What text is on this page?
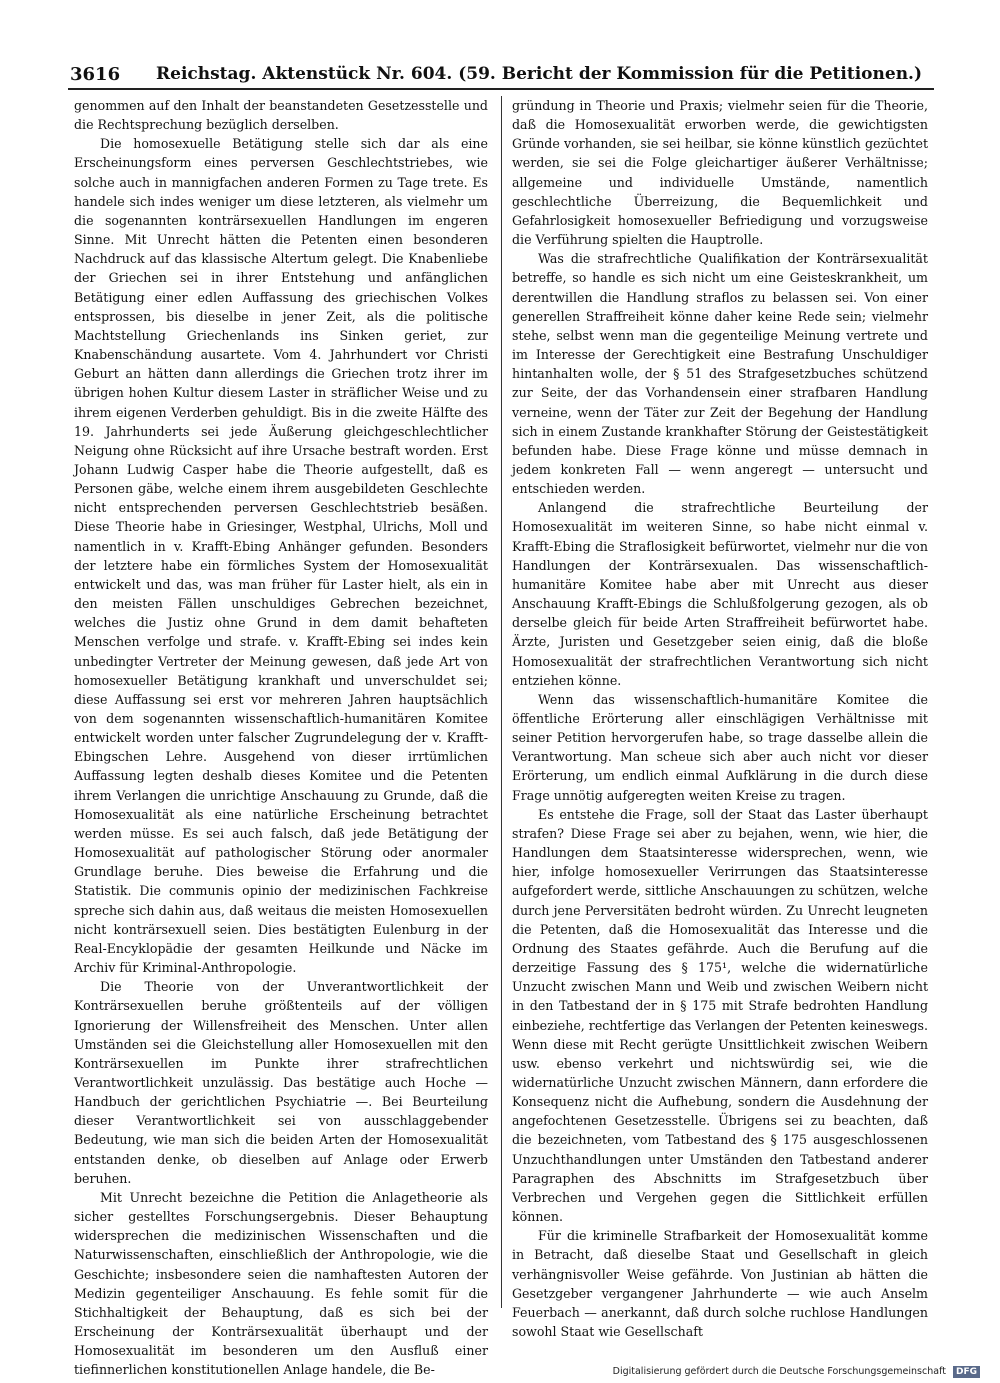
3616 Reichstag. Aktenstück Nr. 604. (59. Bericht der Kommission für die Petitionen.)

genommen auf den Inhalt der beanstandeten Gesetzesstelle und die Rechtsprechung bezüglich derselben.

Die homosexuelle Betätigung stelle sich dar als eine Erscheinungsform eines perversen Geschlechtstriebes, wie solche auch in mannigfachen anderen Formen zu Tage trete. Es handele sich indes weniger um diese letzteren, als vielmehr um die sogenannten konträrsexuellen Handlungen im engeren Sinne. Mit Unrecht hätten die Petenten einen besonderen Nachdruck auf das klassische Altertum gelegt. Die Knabenliebe der Griechen sei in ihrer Entstehung und anfänglichen Betätigung einer edlen Auffassung des griechischen Volkes entsprossen, bis dieselbe in jener Zeit, als die politische Machtstellung Griechenlands ins Sinken geriet, zur Knabenschändung ausartete. Vom 4. Jahrhundert vor Christi Geburt an hätten dann allerdings die Griechen trotz ihrer im übrigen hohen Kultur diesem Laster in sträflicher Weise und zu ihrem eigenen Verderben gehuldigt. Bis in die zweite Hälfte des 19. Jahrhunderts sei jede Äußerung gleichgeschlechtlicher Neigung ohne Rücksicht auf ihre Ursache bestraft worden. Erst Johann Ludwig Casper habe die Theorie aufgestellt, daß es Personen gäbe, welche einem ihrem ausgebildeten Geschlechte nicht entsprechenden perversen Geschlechtstrieb besäßen. Diese Theorie habe in Griesinger, Westphal, Ulrichs, Moll und namentlich in v. Krafft-Ebing Anhänger gefunden. Besonders der letztere habe ein förmliches System der Homosexualität entwickelt und das, was man früher für Laster hielt, als ein in den meisten Fällen unschuldiges Gebrechen bezeichnet, welches die Justiz ohne Grund in dem damit behafteten Menschen verfolge und strafe. v. Krafft-Ebing sei indes kein unbedingter Vertreter der Meinung gewesen, daß jede Art von homosexueller Betätigung krankhaft und unverschuldet sei; diese Auffassung sei erst vor mehreren Jahren hauptsächlich von dem sogenannten wissenschaftlich-humanitären Komitee entwickelt worden unter falscher Zugrundelegung der v. Krafft-Ebingschen Lehre. Ausgehend von dieser irrtümlichen Auffassung legten deshalb dieses Komitee und die Petenten ihrem Verlangen die unrichtige Anschauung zu Grunde, daß die Homosexualität als eine natürliche Erscheinung betrachtet werden müsse. Es sei auch falsch, daß jede Betätigung der Homosexualität auf pathologischer Störung oder anormaler Grundlage beruhe. Dies beweise die Erfahrung und die Statistik. Die communis opinio der medizinischen Fachkreise spreche sich dahin aus, daß weitaus die meisten Homosexuellen nicht konträrsexuell seien. Dies bestätigten Eulenburg in der Real-Encyklopädie der gesamten Heilkunde und Näcke im Archiv für Kriminal-Anthropologie.

Die Theorie von der Unverantwortlichkeit der Konträrsexuellen beruhe größtenteils auf der völligen Ignorierung der Willensfreiheit des Menschen. Unter allen Umständen sei die Gleichstellung aller Homosexuellen mit den Konträrsexuellen im Punkte ihrer strafrechtlichen Verantwortlichkeit unzulässig. Das bestätige auch Hoche — Handbuch der gerichtlichen Psychiatrie —. Bei Beurteilung dieser Verantwortlichkeit sei von ausschlaggebender Bedeutung, wie man sich die beiden Arten der Homosexualität entstanden denke, ob dieselben auf Anlage oder Erwerb beruhen.

Mit Unrecht bezeichne die Petition die Anlagetheorie als sicher gestelltes Forschungsergebnis. Dieser Behauptung widersprechen die medizinischen Wissenschaften und die Naturwissenschaften, einschließlich der Anthropologie, wie die Geschichte; insbesondere seien die namhaftesten Autoren der Medizin gegenteiliger Anschauung. Es fehle somit für die Stichhaltigkeit der Behauptung, daß es sich bei der Erscheinung der Konträrsexualität überhaupt und der Homosexualität im besonderen um den Ausfluß einer tiefinnerlichen konstitutionellen Anlage handele, die Be-

gründung in Theorie und Praxis; vielmehr seien für die Theorie, daß die Homosexualität erworben werde, die gewichtigsten Gründe vorhanden, sie sei heilbar, sie könne künstlich gezüchtet werden, sie sei die Folge gleichartiger äußerer Verhältnisse; allgemeine und individuelle Umstände, namentlich geschlechtliche Überreizung, die Bequemlichkeit und Gefahrlosigkeit homosexueller Befriedigung und vorzugsweise die Verführung spielten die Hauptrolle.

Was die strafrechtliche Qualifikation der Konträrsexualität betreffe, so handle es sich nicht um eine Geisteskrankheit, um derentwillen die Handlung straflos zu belassen sei. Von einer generellen Straffreiheit könne daher keine Rede sein; vielmehr stehe, selbst wenn man die gegenteilige Meinung vertrete und im Interesse der Gerechtigkeit eine Bestrafung Unschuldiger hintanhalten wolle, der § 51 des Strafgesetzbuches schützend zur Seite, der das Vorhandensein einer strafbaren Handlung verneine, wenn der Täter zur Zeit der Begehung der Handlung sich in einem Zustande krankhafter Störung der Geistestätigkeit befunden habe. Diese Frage könne und müsse demnach in jedem konkreten Fall — wenn angeregt — untersucht und entschieden werden.

Anlangend die strafrechtliche Beurteilung der Homosexualität im weiteren Sinne, so habe nicht einmal v. Krafft-Ebing die Straflosigkeit befürwortet, vielmehr nur die von Handlungen der Konträrsexualen. Das wissenschaftlich-humanitäre Komitee habe aber mit Unrecht aus dieser Anschauung Krafft-Ebings die Schlußfolgerung gezogen, als ob derselbe gleich für beide Arten Straffreiheit befürwortet habe. Ärzte, Juristen und Gesetzgeber seien einig, daß die bloße Homosexualität der strafrechtlichen Verantwortung sich nicht entziehen könne.

Wenn das wissenschaftlich-humanitäre Komitee die öffentliche Erörterung aller einschlägigen Verhältnisse mit seiner Petition hervorgerufen habe, so trage dasselbe allein die Verantwortung. Man scheue sich aber auch nicht vor dieser Erörterung, um endlich einmal Aufklärung in die durch diese Frage unnötig aufgeregten weiten Kreise zu tragen.

Es entstehe die Frage, soll der Staat das Laster überhaupt strafen? Diese Frage sei aber zu bejahen, wenn, wie hier, die Handlungen dem Staatsinteresse widersprechen, wenn, wie hier, infolge homosexueller Verirrungen das Staatsinteresse aufgefordert werde, sittliche Anschauungen zu schützen, welche durch jene Perversitäten bedroht würden. Zu Unrecht leugneten die Petenten, daß die Homosexualität das Interesse und die Ordnung des Staates gefährde. Auch die Berufung auf die derzeitige Fassung des § 175¹, welche die widernatürliche Unzucht zwischen Mann und Weib und zwischen Weibern nicht in den Tatbestand der in § 175 mit Strafe bedrohten Handlung einbeziehe, rechtfertige das Verlangen der Petenten keineswegs. Wenn diese mit Recht gerügte Unsittlichkeit zwischen Weibern usw. ebenso verkehrt und nichtswürdig sei, wie die widernatürliche Unzucht zwischen Männern, dann erfordere die Konsequenz nicht die Aufhebung, sondern die Ausdehnung der angefochtenen Gesetzesstelle. Übrigens sei zu beachten, daß die bezeichneten, vom Tatbestand des § 175 ausgeschlossenen Unzuchthandlungen unter Umständen den Tatbestand anderer Paragraphen des Abschnitts im Strafgesetzbuch über Verbrechen und Vergehen gegen die Sittlichkeit erfüllen können.

Für die kriminelle Strafbarkeit der Homosexualität komme in Betracht, daß dieselbe Staat und Gesellschaft in gleich verhängnisvoller Weise gefährde. Von Justinian ab hätten die Gesetzgeber vergangener Jahrhunderte — wie auch Anselm Feuerbach — anerkannt, daß durch solche ruchlose Handlungen sowohl Staat wie Gesellschaft

Digitalisierung gefördert durch die Deutsche Forschungsgemeinschaft DFG
